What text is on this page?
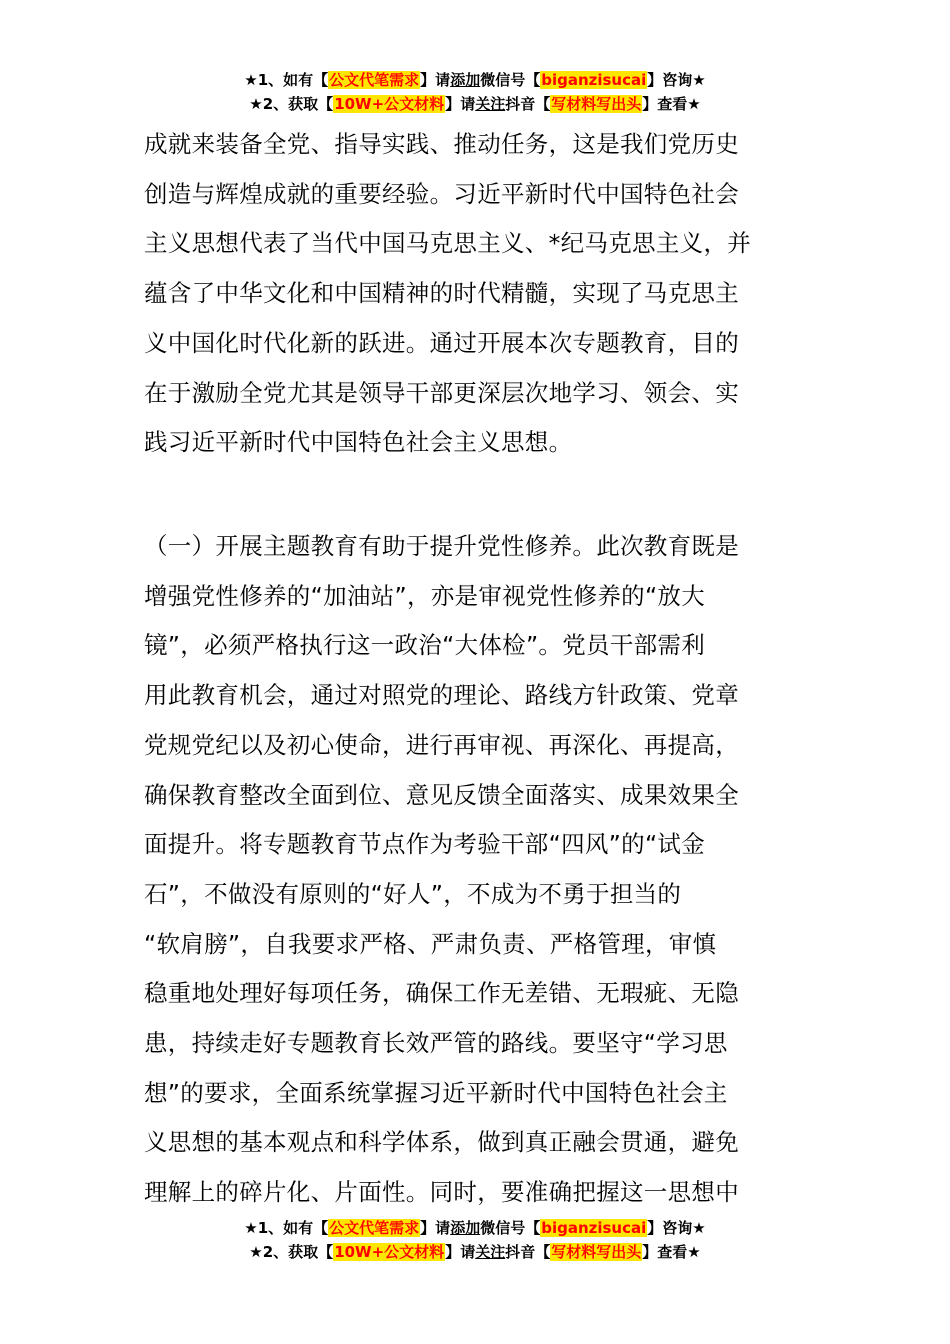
★1、如有【公文代笔需求】请添加微信号【biganzisucai】咨询★
★2、获取【10W+公文材料】请关注抖音【写材料写出头】查看★
成就来装备全党、指导实践、推动任务，这是我们党历史
创造与辉煌成就的重要经验。习近平新时代中国特色社会
主义思想代表了当代中国马克思主义、*纪马克思主义，并
蕴含了中华文化和中国精神的时代精髓，实现了马克思主
义中国化时代化新的跃进。通过开展本次专题教育，目的
在于激励全党尤其是领导干部更深层次地学习、领会、实
践习近平新时代中国特色社会主义思想。
（一）开展主题教育有助于提升党性修养。此次教育既是
增强党性修养的“加油站”，亦是审视党性修养的“放大
镜”，必须严格执行这一政治“大体检”。党员干部需利
用此教育机会，通过对照党的理论、路线方针政策、党章
党规党纪以及初心使命，进行再审视、再深化、再提高，
确保教育整改全面到位、意见反馈全面落实、成果效果全
面提升。将专题教育节点作为考验干部“四风”的“试金
石”，不做没有原则的“好人”，不成为不勇于担当的
“软肩膀”，自我要求严格、严肃负责、严格管理，审慎
稳重地处理好每项任务，确保工作无差错、无瑕疵、无隐
患，持续走好专题教育长效严管的路线。要坚守“学习思
想”的要求，全面系统掌握习近平新时代中国特色社会主
义思想的基本观点和科学体系，做到真正融会贯通，避免
理解上的碎片化、片面性。同时，要准确把握这一思想中
★1、如有【公文代笔需求】请添加微信号【biganzisucai】咨询★
★2、获取【10W+公文材料】请关注抖音【写材料写出头】查看★
